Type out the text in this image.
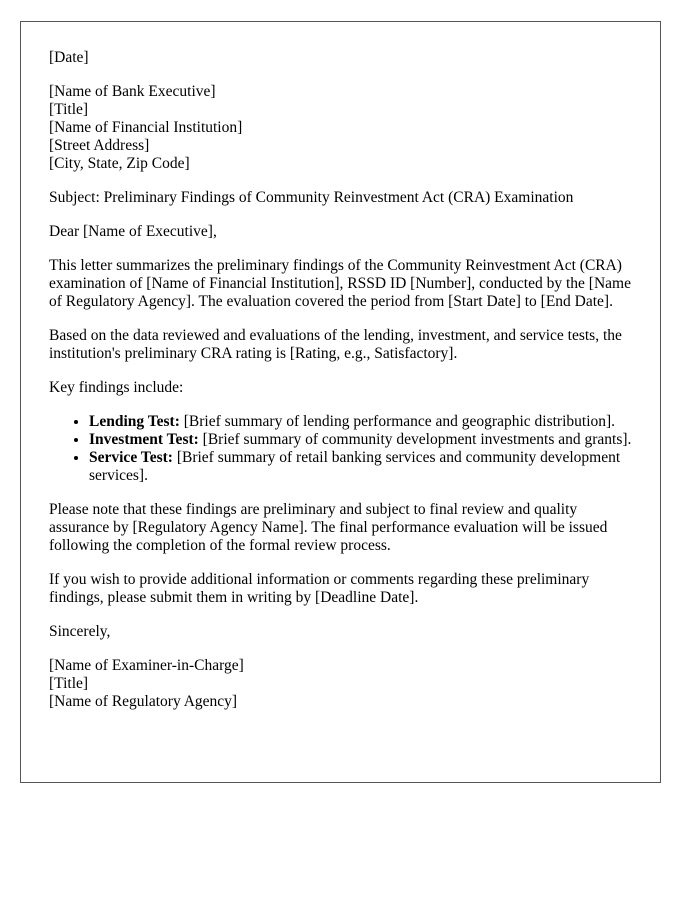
[Date]
[Name of Bank Executive]
[Title]
[Name of Financial Institution]
[Street Address]
[City, State, Zip Code]

Subject: Preliminary Findings of Community Reinvestment Act (CRA) Examination

Dear [Name of Executive],

This letter summarizes the preliminary findings of the Community Reinvestment Act (CRA) examination of [Name of Financial Institution], RSSD ID [Number], conducted by the [Name of Regulatory Agency]. The evaluation covered the period from [Start Date] to [End Date].

Based on the data reviewed and evaluations of the lending, investment, and service tests, the institution's preliminary CRA rating is [Rating, e.g., Satisfactory].

Key findings include:

• Lending Test: [Brief summary of lending performance and geographic distribution].
• Investment Test: [Brief summary of community development investments and grants].
• Service Test: [Brief summary of retail banking services and community development services].

Please note that these findings are preliminary and subject to final review and quality assurance by [Regulatory Agency Name]. The final performance evaluation will be issued following the completion of the formal review process.

If you wish to provide additional information or comments regarding these preliminary findings, please submit them in writing by [Deadline Date].

Sincerely,

[Name of Examiner-in-Charge]
[Title]
[Name of Regulatory Agency]
